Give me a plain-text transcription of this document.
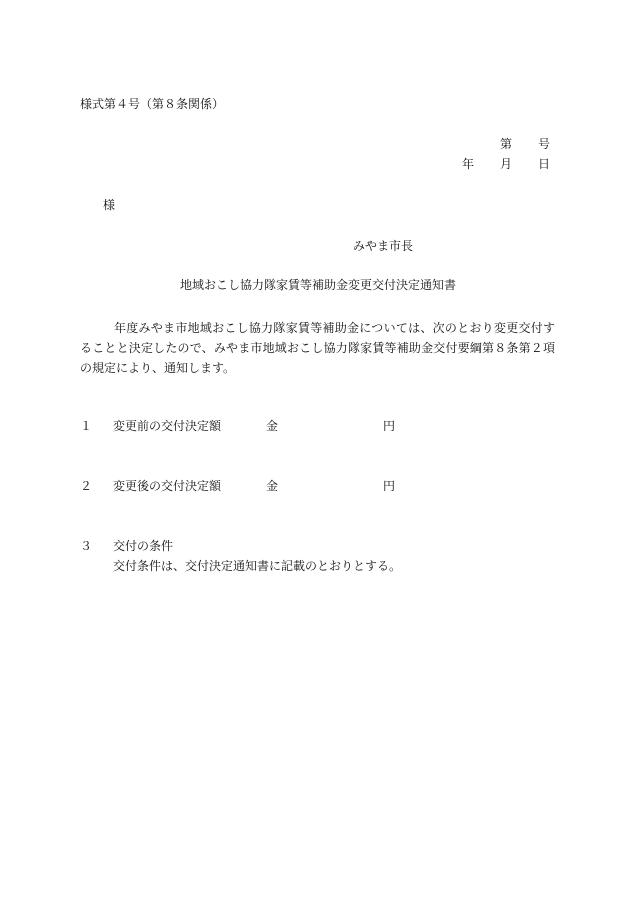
様式第４号（第８条関係）
第 号
年 月 日
様
みやま市長
地域おこし協力隊家賃等補助金変更交付決定通知書
年度みやま市地域おこし協力隊家賃等補助金については、次のとおり変更交付することと決定したので、みやま市地域おこし協力隊家賃等補助金交付要綱第８条第２項の規定により、通知します。
１ 変更前の交付決定額	金	円
２ 変更後の交付決定額	金	円
３ 交付の条件
交付条件は、交付決定通知書に記載のとおりとする。
